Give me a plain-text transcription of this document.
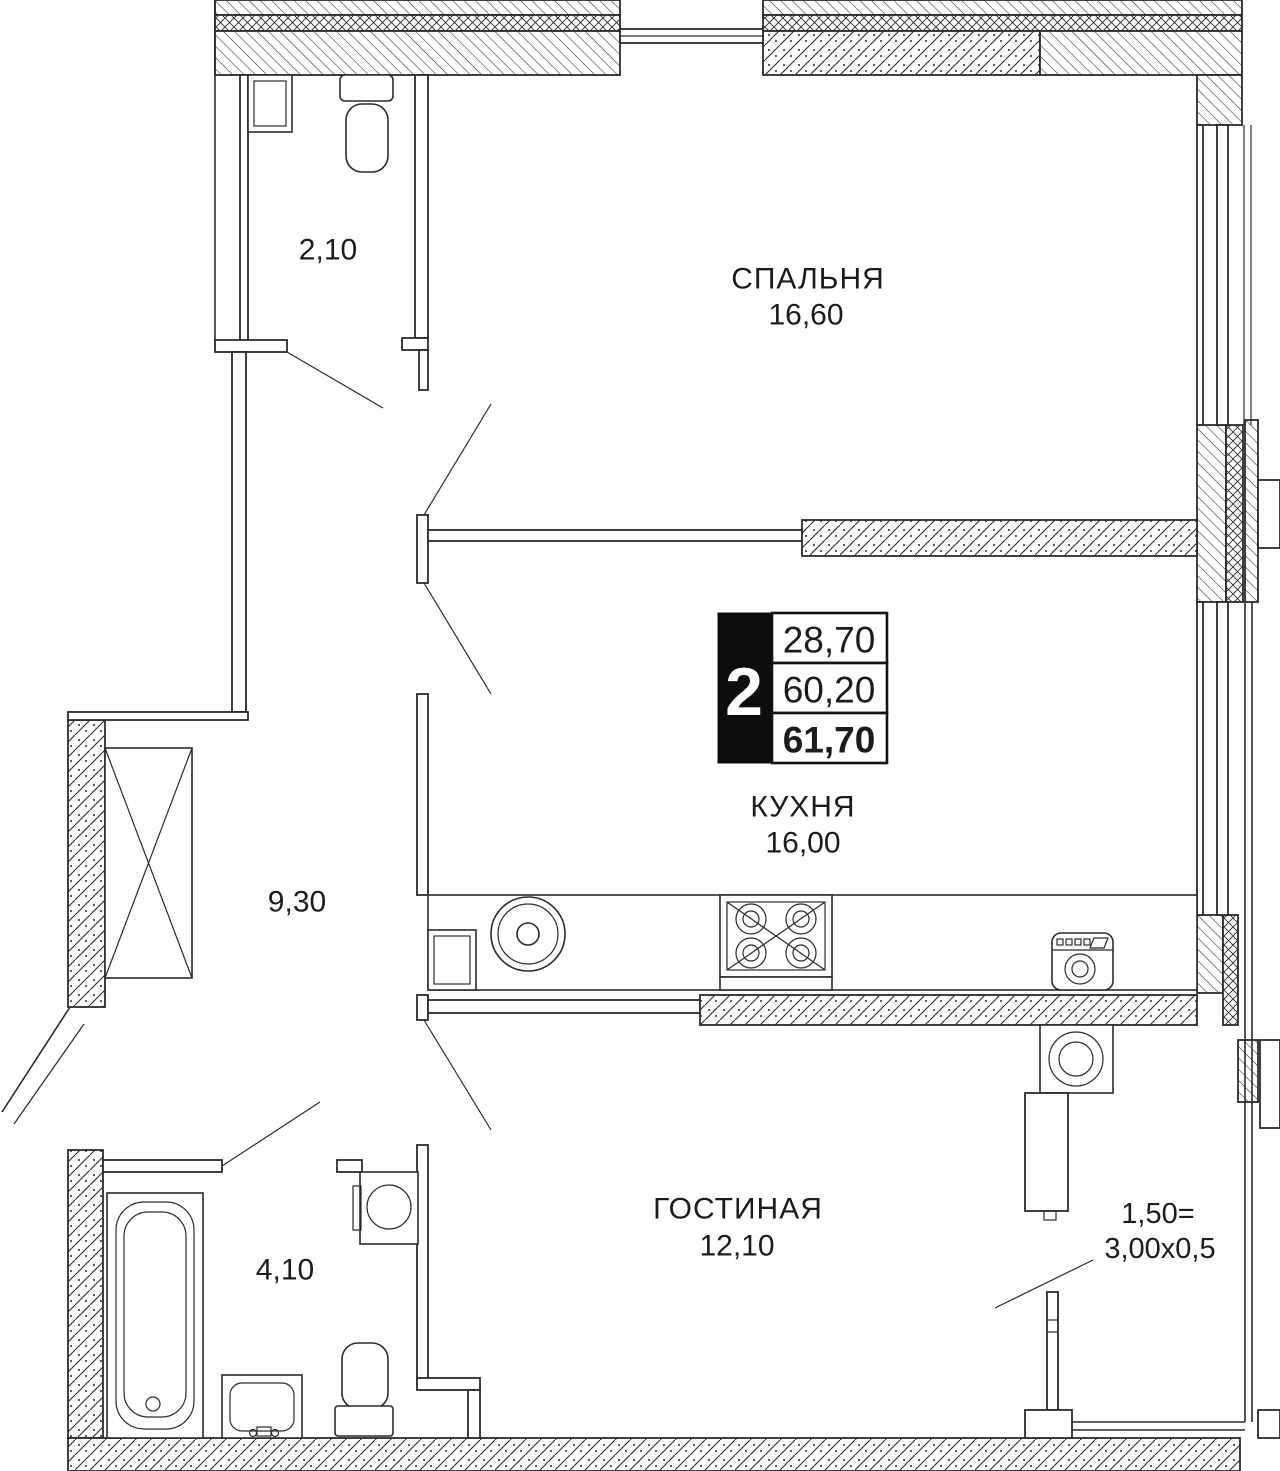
2
28,70
60,20
61,70
2,10
СПАЛЬНЯ
16,60
КУХНЯ
16,00
9,30
ГОСТИНАЯ
12,10
4,10
1,50=
3,00x0,5
